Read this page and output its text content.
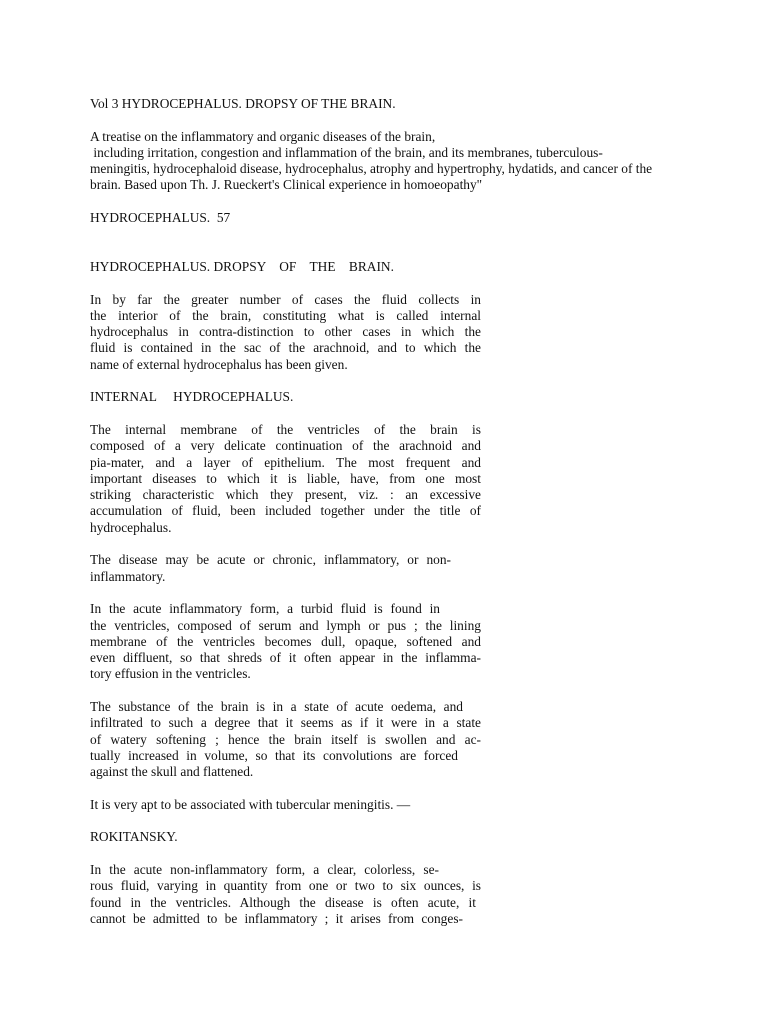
Vol 3 HYDROCEPHALUS. DROPSY OF THE BRAIN.
A treatise on the inflammatory and organic diseases of the brain,
including irritation, congestion and inflammation of the brain, and its membranes, tuberculous-
meningitis, hydrocephaloid disease, hydrocephalus, atrophy and hypertrophy, hydatids, and cancer of the
brain. Based upon Th. J. Rueckert's Clinical experience in homoeopathy"
HYDROCEPHALUS.  57
HYDROCEPHALUS. DROPSY    OF    THE    BRAIN.
In by far the greater number of cases the fluid collects in
the interior of the brain, constituting what is called internal
hydrocephalus in contra-distinction to other cases in which the
fluid is contained in the sac of the arachnoid, and to which the
name of external hydrocephalus has been given.
INTERNAL     HYDROCEPHALUS.
The internal membrane of the ventricles of the brain is
composed of a very delicate continuation of the arachnoid and
pia-mater, and a layer of epithelium. The most frequent and
important diseases to which it is liable, have, from one most
striking characteristic which they present, viz. : an excessive
accumulation of fluid, been included together under the title of
hydrocephalus.
The disease may be acute or chronic, inflammatory, or non-
inflammatory.
In the acute inflammatory form, a turbid fluid is found in
the ventricles, composed of serum and lymph or pus ; the lining
membrane of the ventricles becomes dull, opaque, softened and
even diffluent, so that shreds of it often appear in the inflamma-
tory effusion in the ventricles.
The substance of the brain is in a state of acute oedema, and
infiltrated to such a degree that it seems as if it were in a state
of watery softening ; hence the brain itself is swollen and ac-
tually increased in volume, so that its convolutions are forced
against the skull and flattened.
It is very apt to be associated with tubercular meningitis. —
ROKITANSKY.
In the acute non-inflammatory form, a clear, colorless, se-
rous fluid, varying in quantity from one or two to six ounces, is
found in the ventricles. Although the disease is often acute, it
cannot be admitted to be inflammatory ; it arises from conges-
